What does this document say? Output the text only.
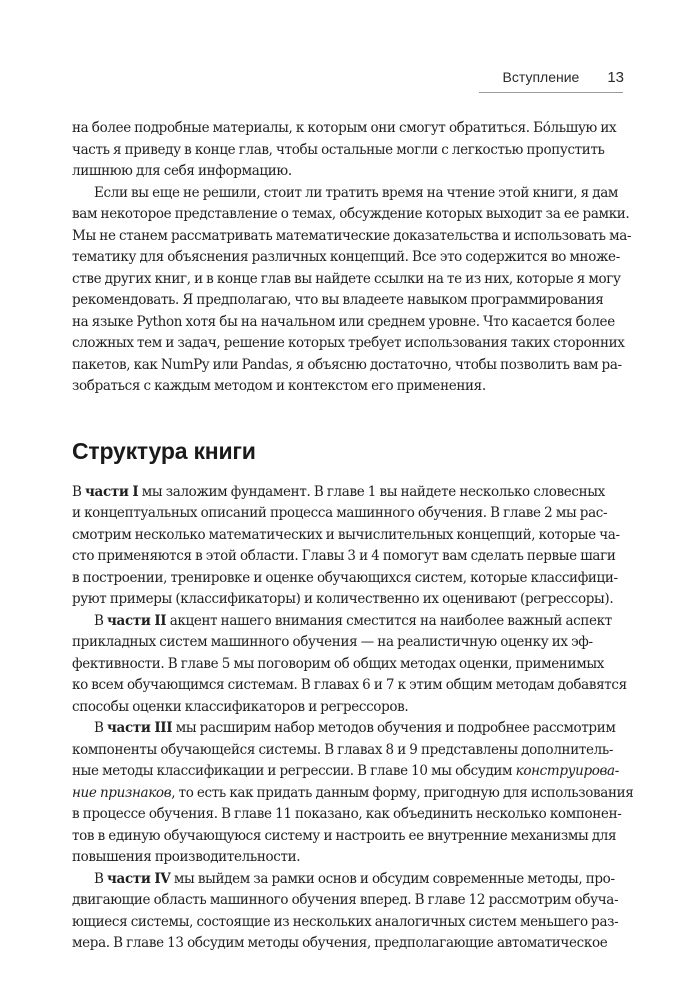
Вступление 13

на более подробные материалы, к которым они смогут обратиться. Бо́льшую их
часть я приведу в конце глав, чтобы остальные могли с легкостью пропустить
лишнюю для себя информацию.

Если вы еще не решили, стоит ли тратить время на чтение этой книги, я дам
вам некоторое представление о темах, обсуждение которых выходит за ее рамки.
Мы не станем рассматривать математические доказательства и использовать ма-
тематику для объяснения различных концепций. Все это содержится во множе-
стве других книг, и в конце глав вы найдете ссылки на те из них, которые я могу
рекомендовать. Я предполагаю, что вы владеете навыком программирования
на языке Python хотя бы на начальном или среднем уровне. Что касается более
сложных тем и задач, решение которых требует использования таких сторонних
пакетов, как NumPy или Pandas, я объясню достаточно, чтобы позволить вам ра-
зобраться с каждым методом и контекстом его применения.

Структура книги

В части I мы заложим фундамент. В главе 1 вы найдете несколько словесных
и концептуальных описаний процесса машинного обучения. В главе 2 мы рас-
смотрим несколько математических и вычислительных концепций, которые ча-
сто применяются в этой области. Главы 3 и 4 помогут вам сделать первые шаги
в построении, тренировке и оценке обучающихся систем, которые классифици-
руют примеры (классификаторы) и количественно их оценивают (регрессоры).

В части II акцент нашего внимания сместится на наиболее важный аспект
прикладных систем машинного обучения — на реалистичную оценку их эф-
фективности. В главе 5 мы поговорим об общих методах оценки, применимых
ко всем обучающимся системам. В главах 6 и 7 к этим общим методам добавятся
способы оценки классификаторов и регрессоров.

В части III мы расширим набор методов обучения и подробнее рассмотрим
компоненты обучающейся системы. В главах 8 и 9 представлены дополнитель-
ные методы классификации и регрессии. В главе 10 мы обсудим конструирова-
ние признаков, то есть как придать данным форму, пригодную для использования
в процессе обучения. В главе 11 показано, как объединить несколько компонен-
тов в единую обучающуюся систему и настроить ее внутренние механизмы для
повышения производительности.

В части IV мы выйдем за рамки основ и обсудим современные методы, про-
двигающие область машинного обучения вперед. В главе 12 рассмотрим обуча-
ющиеся системы, состоящие из нескольких аналогичных систем меньшего раз-
мера. В главе 13 обсудим методы обучения, предполагающие автоматическое
